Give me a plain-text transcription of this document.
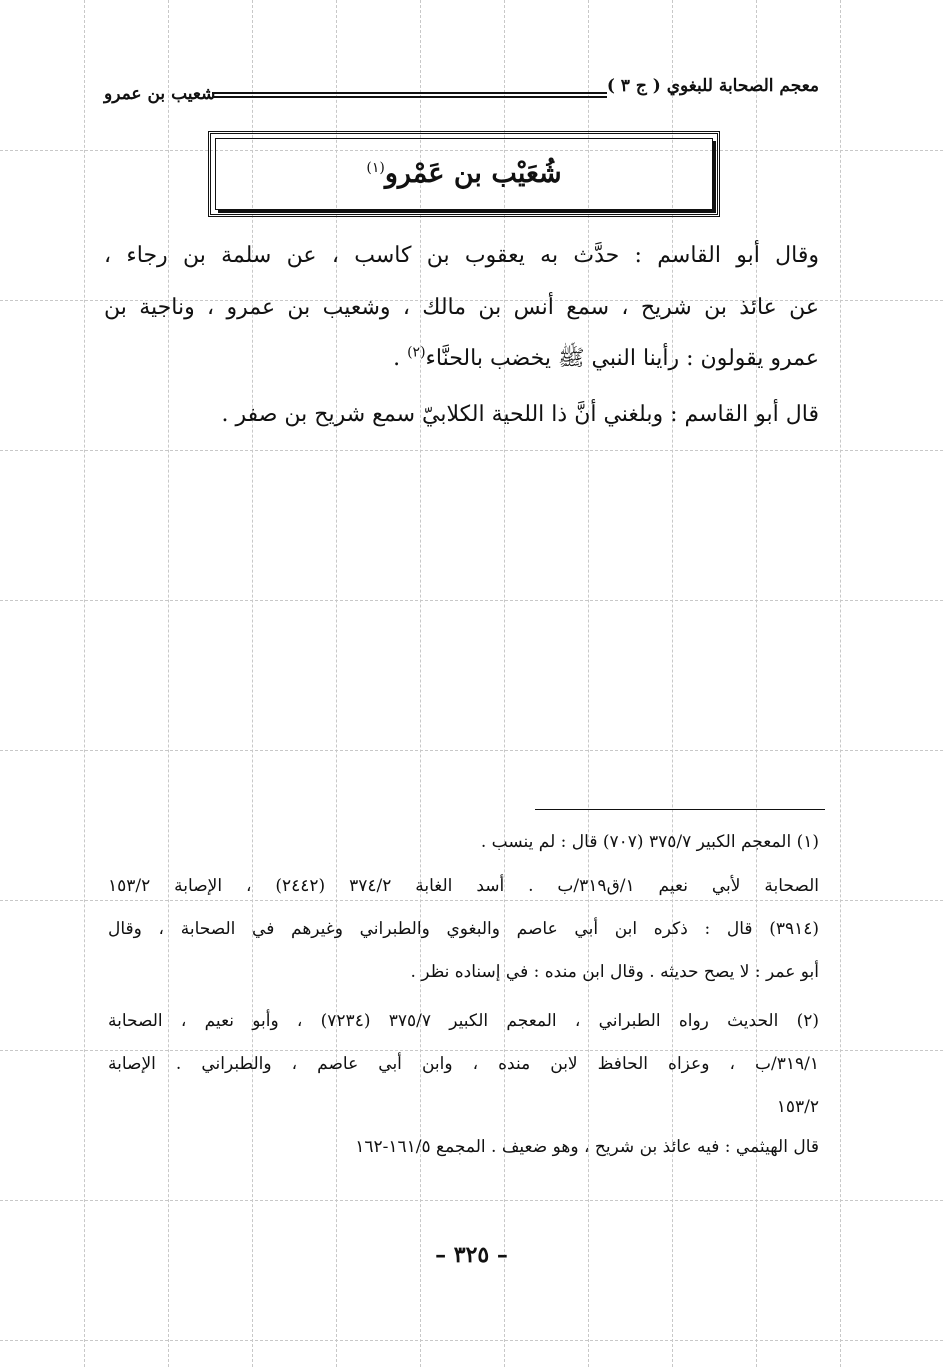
معجم الصحابة للبغوي ( ج ٣ )
شعيب بن عمرو
شُعَيْب بن عَمْرو$^{(١)}$
وقال أبو القاسم : حدَّث به يعقوب بن كاسب ، عن سلمة بن رجاء ،
عن عائذ بن شريح ، سمع أنس بن مالك ، وشعيب بن عمرو ، وناجية بن
عمرو يقولون : رأينا النبي ﷺ يخضب بالحنَّاء$^{(٢)}$ .
قال أبو القاسم : وبلغني أنَّ ذا اللحية الكلابيّ سمع شريح بن صفر .
(١) المعجم الكبير ٣٧٥/٧ (٧٠٧) قال : لم ينسب .
الصحابة لأبي نعيم ١/ق٣١٩/ب . أسد الغابة ٣٧٤/٢ (٢٤٤٢) ، الإصابة ١٥٣/٢
(٣٩١٤) قال : ذكره ابن أبي عاصم والبغوي والطبراني وغيرهم في الصحابة ، وقال
أبو عمر : لا يصح حديثه . وقال ابن منده : في إسناده نظر .
(٢) الحديث رواه الطبراني ، المعجم الكبير ٣٧٥/٧ (٧٢٣٤) ، وأبو نعيم ، الصحابة
٣١٩/١/ب ، وعزاه الحافظ لابن منده ، وابن أبي عاصم ، والطبراني . الإصابة
١٥٣/٢
قال الهيثمي : فيه عائذ بن شريح ، وهو ضعيف . المجمع ١٦١/٥-١٦٢
– ٣٢٥ –
